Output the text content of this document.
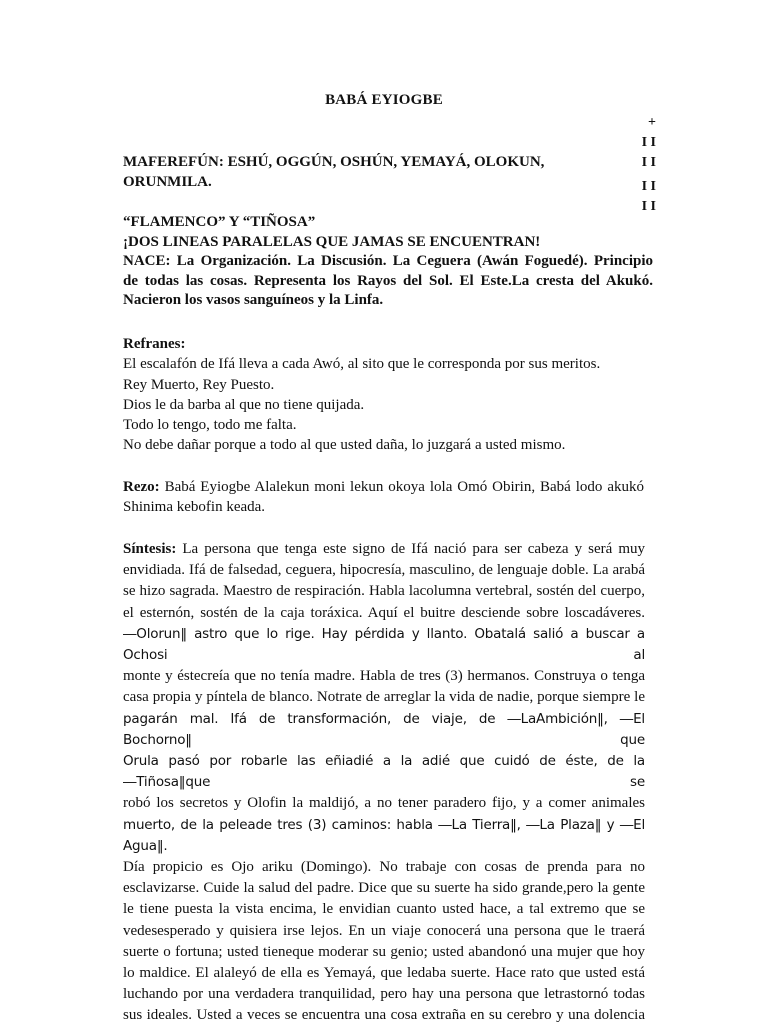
BABÁ EYIOGBE
+
I I
I I
I I
I I
MAFEREFÚN: ESHÚ, OGGÚN, OSHÚN, YEMAYÁ, OLOKUN,
ORUNMILA.
“FLAMENCO” Y “TIÑOSA”
¡DOS LINEAS PARALELAS QUE JAMAS SE ENCUENTRAN!
NACE: La Organización. La Discusión. La Ceguera (Awán Foguedé). Principio
de todas las cosas. Representa los Rayos del Sol. El Este.La cresta del Akukó.
Nacieron los vasos sanguíneos y la Linfa.
Refranes:
El escalafón de Ifá lleva a cada Awó, al sito que le corresponda por sus meritos.
Rey Muerto, Rey Puesto.
Dios le da barba al que no tiene quijada.
Todo lo tengo, todo me falta.
No debe dañar porque a todo al que usted daña, lo juzgará a usted mismo.
Rezo: Babá Eyiogbe Alalekun moni lekun okoya lola Omó Obirin, Babá lodo akukó
Shinima kebofin keada.
Síntesis: La persona que tenga este signo de Ifá nació para ser cabeza y será muy
envidiada. Ifá de falsedad, ceguera, hipocresía, masculino, de lenguaje doble. La arabá
se hizo sagrada. Maestro de respiración. Habla lacolumna vertebral, sostén del cuerpo,
el esternón, sostén de la caja toráxica. Aquí el buitre desciende sobre loscadáveres.
―Olorun‖ astro que lo rige. Hay pérdida y llanto. Obatalá salió a buscar a Ochosi al
monte y éstecreía que no tenía madre. Habla de tres (3) hermanos. Construya o tenga
casa propia y píntela de blanco. Notrate de arreglar la vida de nadie, porque siempre le
pagarán mal. Ifá de transformación, de viaje, de ―LaAmbición‖, ―El Bochorno‖ que
Orula pasó por robarle las eñiadié a la adié que cuidó de éste, de la ―Tiñosa‖que se
robó los secretos y Olofin la maldijó, a no tener paradero fijo, y a comer animales
muerto, de la peleade tres (3) caminos: habla ―La Tierra‖, ―La Plaza‖ y ―El Agua‖.
Día propicio es Ojo ariku (Domingo). No trabaje con cosas de prenda para no
esclavizarse. Cuide la salud del padre. Dice que su suerte ha sido grande,pero la gente
le tiene puesta la vista encima, le envidian cuanto usted hace, a tal extremo que se
vedesesperado y quisiera irse lejos. En un viaje conocerá una persona que le traerá
suerte o fortuna; usted tieneque moderar su genio; usted abandonó una mujer que hoy
lo maldice. El alaleyó de ella es Yemayá, que ledaba suerte. Hace rato que usted está
luchando por una verdadera tranquilidad, pero hay una persona que letrastornó todas
sus ideales. Usted a veces se encuentra una cosa extraña en su cerebro y una dolencia
